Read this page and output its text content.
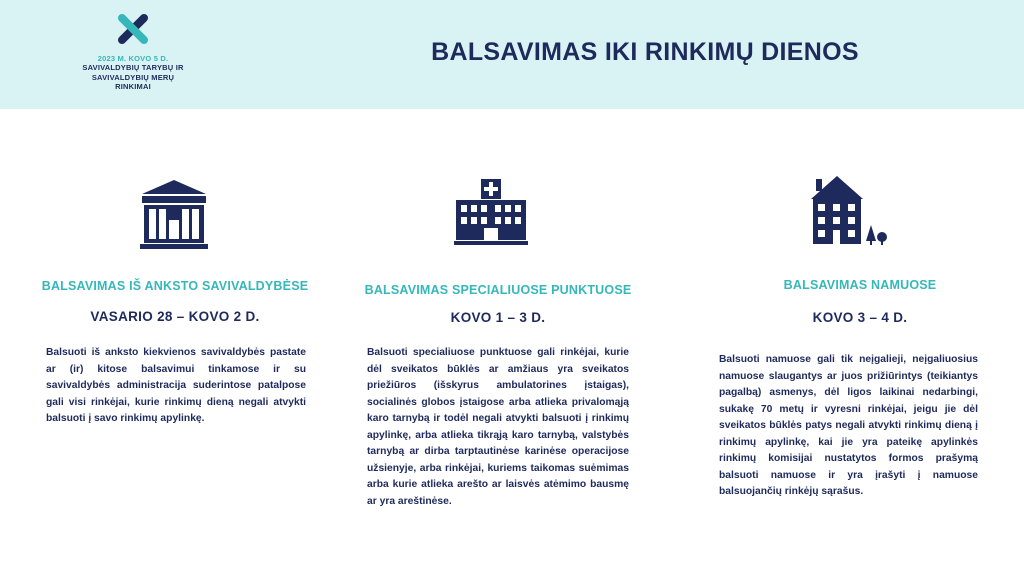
2023 M. KOVO 5 D.
SAVIVALDYBIŲ TARYBŲ IR
SAVIVALDYBIŲ MERŲ
RINKIMAI
BALSAVIMAS IKI RINKIMŲ DIENOS
BALSAVIMAS IŠ ANKSTO SAVIVALDYBĖSE
VASARIO 28 – KOVO 2 D.

Balsuoti iš anksto kiekvienos savivaldybės pastate ar (ir) kitose balsavimui tinkamose ir su savivaldybės administracija suderintose patalpose gali visi rinkėjai, kurie rinkimų dieną negali atvykti balsuoti į savo rinkimų apylinkę.

BALSAVIMAS SPECIALIUOSE PUNKTUOSE
KOVO 1 – 3 D.

Balsuoti specialiuose punktuose gali rinkėjai, kurie dėl sveikatos būklės ar amžiaus yra sveikatos priežiūros (išskyrus ambulatorines įstaigas), socialinės globos įstaigose arba atlieka privalomąją karo tarnybą ir todėl negali atvykti balsuoti į rinkimų apylinkę, arba atlieka tikrąją karo tarnybą, valstybės tarnybą ar dirba tarptautinėse karinėse operacijose užsienyje, arba rinkėjai, kuriems taikomas suėmimas arba kurie atlieka arešto ar laisvės atėmimo bausmę ar yra areštinėse.

BALSAVIMAS NAMUOSE
KOVO 3 – 4 D.

Balsuoti namuose gali tik neįgalieji, neįgaliuosius namuose slaugantys ar juos prižiūrintys (teikiantys pagalbą) asmenys, dėl ligos laikinai nedarbingi, sukakę 70 metų ir vyresni rinkėjai, jeigu jie dėl sveikatos būklės patys negali atvykti rinkimų dieną į rinkimų apylinkę, kai jie yra pateikę apylinkės rinkimų komisijai nustatytos formos prašymą balsuoti namuose ir yra įrašyti į namuose balsuojančių rinkėjų sąrašus.
